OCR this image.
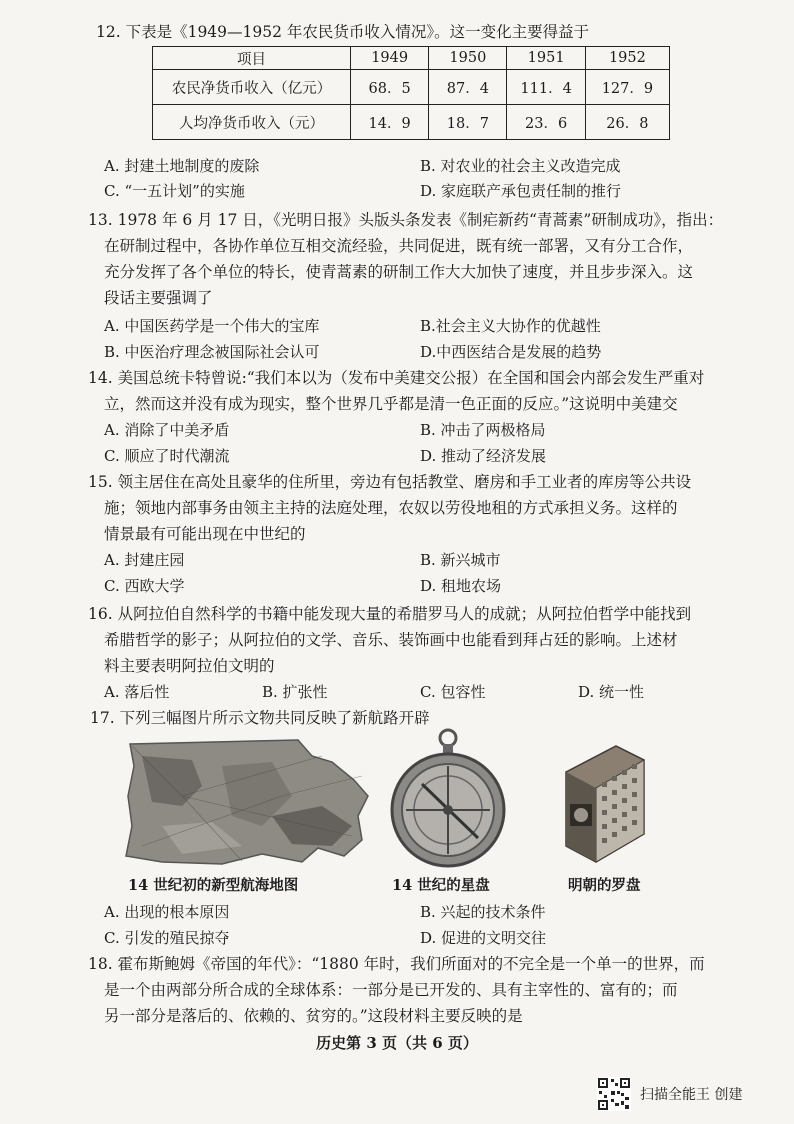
12. 下表是《1949—1952 年农民货币收入情况》。这一变化主要得益于
项目	1949	1950	1951	1952
农民净货币收入（亿元）	68．5	87．4	111．4	127．9
人均净货币收入（元）	14．9	18．7	23．6	26．8
A. 封建土地制度的废除	B. 对农业的社会主义改造完成
C. “一五计划”的实施	D. 家庭联产承包责任制的推行
13. 1978 年 6 月 17 日，《光明日报》头版头条发表《制疟新药“青蒿素”研制成功》，指出：
在研制过程中，各协作单位互相交流经验，共同促进，既有统一部署，又有分工合作，
充分发挥了各个单位的特长，使青蒿素的研制工作大大加快了速度，并且步步深入。这
段话主要强调了
A. 中国医药学是一个伟大的宝库	B.社会主义大协作的优越性
B. 中医治疗理念被国际社会认可	D.中西医结合是发展的趋势
14. 美国总统卡特曾说:“我们本以为（发布中美建交公报）在全国和国会内部会发生严重对
立，然而这并没有成为现实，整个世界几乎都是清一色正面的反应。”这说明中美建交
A. 消除了中美矛盾	B. 冲击了两极格局
C. 顺应了时代潮流	D. 推动了经济发展
15. 领主居住在高处且豪华的住所里，旁边有包括教堂、磨房和手工业者的库房等公共设
施；领地内部事务由领主主持的法庭处理，农奴以劳役地租的方式承担义务。这样的
情景最有可能出现在中世纪的
A. 封建庄园	B. 新兴城市
C. 西欧大学	D. 租地农场
16. 从阿拉伯自然科学的书籍中能发现大量的希腊罗马人的成就；从阿拉伯哲学中能找到
希腊哲学的影子；从阿拉伯的文学、音乐、装饰画中也能看到拜占廷的影响。上述材
料主要表明阿拉伯文明的
A. 落后性	B. 扩张性	C. 包容性	D. 统一性
17. 下列三幅图片所示文物共同反映了新航路开辟
14 世纪初的新型航海地图	14 世纪的星盘	明朝的罗盘
A. 出现的根本原因	B. 兴起的技术条件
C. 引发的殖民掠夺	D. 促进的文明交往
18. 霍布斯鲍姆《帝国的年代》：“1880 年时，我们所面对的不完全是一个单一的世界，而
是一个由两部分所合成的全球体系：一部分是已开发的、具有主宰性的、富有的；而
另一部分是落后的、依赖的、贫穷的。”这段材料主要反映的是
历史第 3 页（共 6 页）
扫描全能王 创建
